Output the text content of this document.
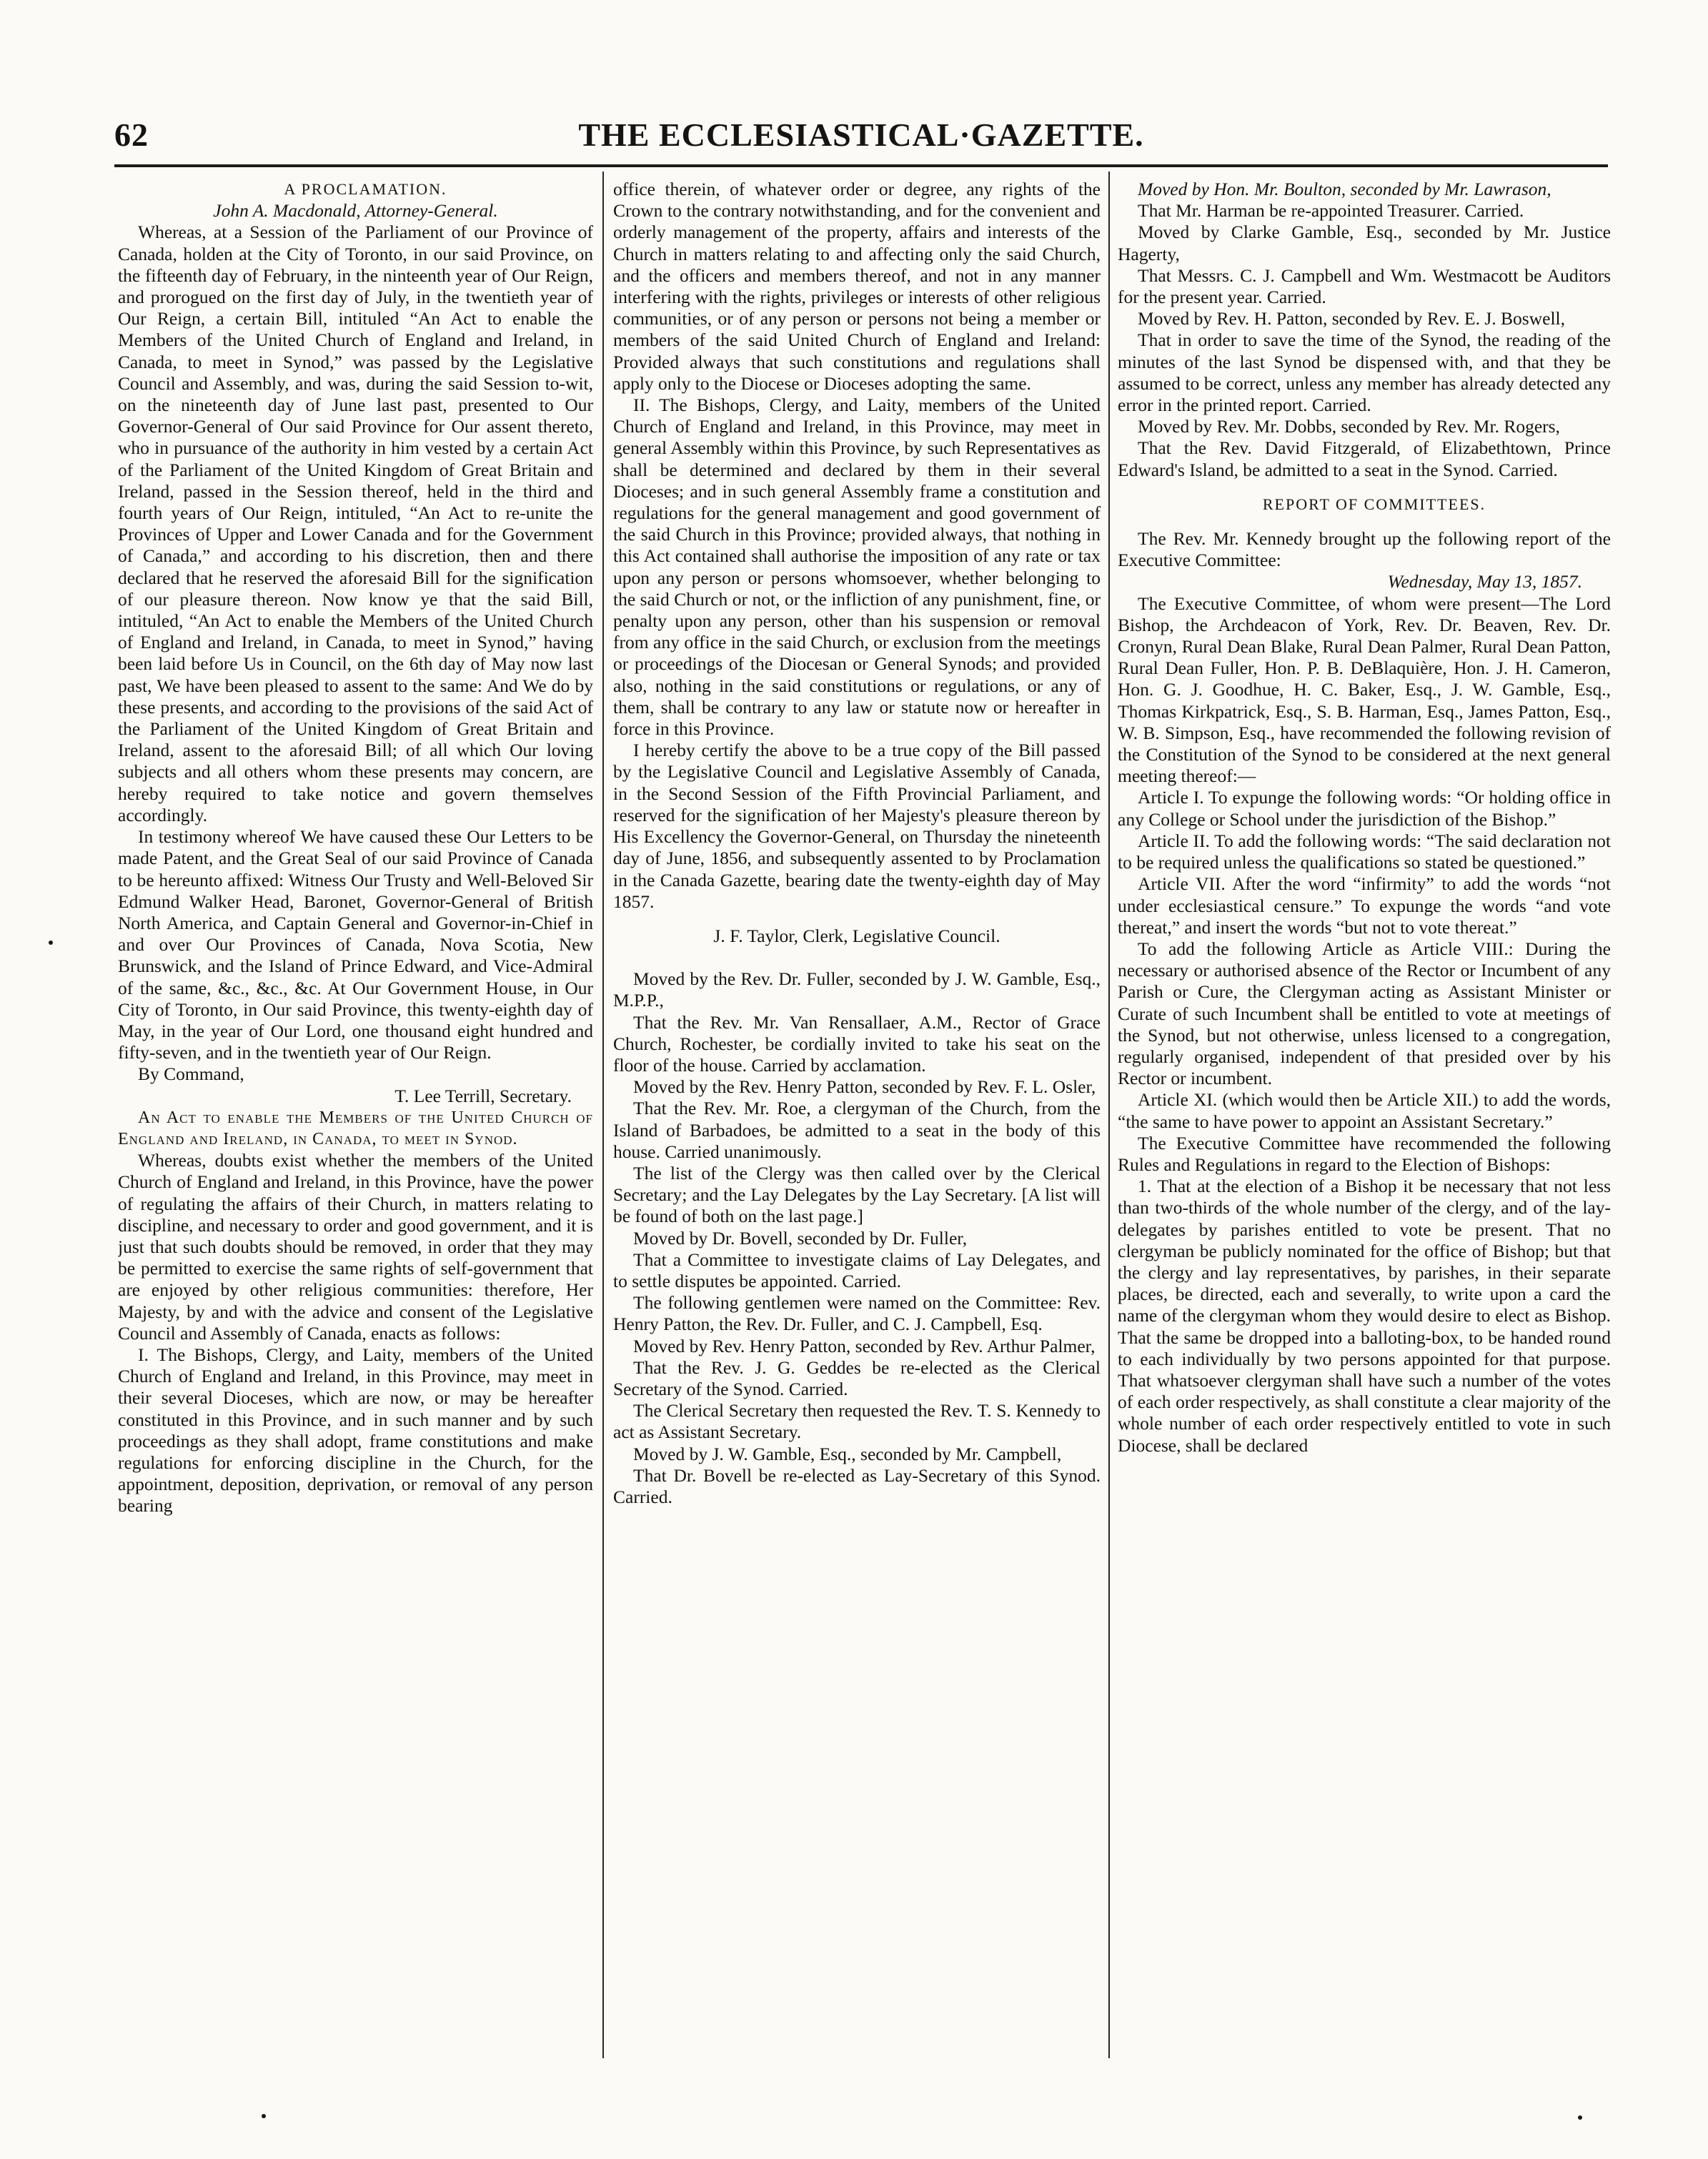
62	THE ECCLESIASTICAL·GAZETTE.

A PROCLAMATION.

John A. Macdonald, Attorney-General.

Whereas, at a Session of the Parliament of our Province of Canada, holden at the City of Toronto, in our said Province, on the fifteenth day of February, in the ninteenth year of Our Reign, and prorogued on the first day of July, in the twentieth year of Our Reign, a certain Bill, intituled “An Act to enable the Members of the United Church of England and Ireland, in Canada, to meet in Synod,” was passed by the Legislative Council and Assembly, and was, during the said Session to-wit, on the nineteenth day of June last past, presented to Our Governor-General of Our said Province for Our assent thereto, who in pursuance of the authority in him vested by a certain Act of the Parliament of the United Kingdom of Great Britain and Ireland, passed in the Session thereof, held in the third and fourth years of Our Reign, intituled, “An Act to re-unite the Provinces of Upper and Lower Canada and for the Government of Canada,” and according to his discretion, then and there declared that he reserved the aforesaid Bill for the signification of our pleasure thereon. Now know ye that the said Bill, intituled, “An Act to enable the Members of the United Church of England and Ireland, in Canada, to meet in Synod,” having been laid before Us in Council, on the 6th day of May now last past, We have been pleased to assent to the same: And We do by these presents, and according to the provisions of the said Act of the Parliament of the United Kingdom of Great Britain and Ireland, assent to the aforesaid Bill; of all which Our loving subjects and all others whom these presents may concern, are hereby required to take notice and govern themselves accordingly.

In testimony whereof We have caused these Our Letters to be made Patent, and the Great Seal of our said Province of Canada to be hereunto affixed: Witness Our Trusty and Well-Beloved Sir Edmund Walker Head, Baronet, Governor-General of British North America, and Captain General and Governor-in-Chief in and over Our Provinces of Canada, Nova Scotia, New Brunswick, and the Island of Prince Edward, and Vice-Admiral of the same, &c., &c., &c. At Our Government House, in Our City of Toronto, in Our said Province, this twenty-eighth day of May, in the year of Our Lord, one thousand eight hundred and fifty-seven, and in the twentieth year of Our Reign.

By Command,

T. Lee Terrill, Secretary.

An Act to enable the Members of the United Church of England and Ireland, in Canada, to meet in Synod.

Whereas, doubts exist whether the members of the United Church of England and Ireland, in this Province, have the power of regulating the affairs of their Church, in matters relating to discipline, and necessary to order and good government, and it is just that such doubts should be removed, in order that they may be permitted to exercise the same rights of self-government that are enjoyed by other religious communities: therefore, Her Majesty, by and with the advice and consent of the Legislative Council and Assembly of Canada, enacts as follows:

I. The Bishops, Clergy, and Laity, members of the United Church of England and Ireland, in this Province, may meet in their several Dioceses, which are now, or may be hereafter constituted in this Province, and in such manner and by such proceedings as they shall adopt, frame constitutions and make regulations for enforcing discipline in the Church, for the appointment, deposition, deprivation, or removal of any person bearing

office therein, of whatever order or degree, any rights of the Crown to the contrary notwithstanding, and for the convenient and orderly management of the property, affairs and interests of the Church in matters relating to and affecting only the said Church, and the officers and members thereof, and not in any manner interfering with the rights, privileges or interests of other religious communities, or of any person or persons not being a member or members of the said United Church of England and Ireland: Provided always that such constitutions and regulations shall apply only to the Diocese or Dioceses adopting the same.

II. The Bishops, Clergy, and Laity, members of the United Church of England and Ireland, in this Province, may meet in general Assembly within this Province, by such Representatives as shall be determined and declared by them in their several Dioceses; and in such general Assembly frame a constitution and regulations for the general management and good government of the said Church in this Province; provided always, that nothing in this Act contained shall authorise the imposition of any rate or tax upon any person or persons whomsoever, whether belonging to the said Church or not, or the infliction of any punishment, fine, or penalty upon any person, other than his suspension or removal from any office in the said Church, or exclusion from the meetings or proceedings of the Diocesan or General Synods; and provided also, nothing in the said constitutions or regulations, or any of them, shall be contrary to any law or statute now or hereafter in force in this Province.

I hereby certify the above to be a true copy of the Bill passed by the Legislative Council and Legislative Assembly of Canada, in the Second Session of the Fifth Provincial Parliament, and reserved for the signification of her Majesty's pleasure thereon by His Excellency the Governor-General, on Thursday the nineteenth day of June, 1856, and subsequently assented to by Proclamation in the Canada Gazette, bearing date the twenty-eighth day of May 1857.

J. F. Taylor, Clerk, Legislative Council.

Moved by the Rev. Dr. Fuller, seconded by J. W. Gamble, Esq., M.P.P.,

That the Rev. Mr. Van Rensallaer, A.M., Rector of Grace Church, Rochester, be cordially invited to take his seat on the floor of the house. Carried by acclamation.

Moved by the Rev. Henry Patton, seconded by Rev. F. L. Osler,

That the Rev. Mr. Roe, a clergyman of the Church, from the Island of Barbadoes, be admitted to a seat in the body of this house. Carried unanimously.

The list of the Clergy was then called over by the Clerical Secretary; and the Lay Delegates by the Lay Secretary. [A list will be found of both on the last page.]

Moved by Dr. Bovell, seconded by Dr. Fuller,

That a Committee to investigate claims of Lay Delegates, and to settle disputes be appointed. Carried.

The following gentlemen were named on the Committee: Rev. Henry Patton, the Rev. Dr. Fuller, and C. J. Campbell, Esq.

Moved by Rev. Henry Patton, seconded by Rev. Arthur Palmer,

That the Rev. J. G. Geddes be re-elected as the Clerical Secretary of the Synod. Carried.

The Clerical Secretary then requested the Rev. T. S. Kennedy to act as Assistant Secretary.

Moved by J. W. Gamble, Esq., seconded by Mr. Campbell,

That Dr. Bovell be re-elected as Lay-Secretary of this Synod. Carried.

Moved by Hon. Mr. Boulton, seconded by Mr. Lawrason,

That Mr. Harman be re-appointed Treasurer. Carried.

Moved by Clarke Gamble, Esq., seconded by Mr. Justice Hagerty,

That Messrs. C. J. Campbell and Wm. Westmacott be Auditors for the present year. Carried.

Moved by Rev. H. Patton, seconded by Rev. E. J. Boswell,

That in order to save the time of the Synod, the reading of the minutes of the last Synod be dispensed with, and that they be assumed to be correct, unless any member has already detected any error in the printed report. Carried.

Moved by Rev. Mr. Dobbs, seconded by Rev. Mr. Rogers,

That the Rev. David Fitzgerald, of Elizabethtown, Prince Edward's Island, be admitted to a seat in the Synod. Carried.

REPORT OF COMMITTEES.

The Rev. Mr. Kennedy brought up the following report of the Executive Committee:

Wednesday, May 13, 1857.

The Executive Committee, of whom were present—The Lord Bishop, the Archdeacon of York, Rev. Dr. Beaven, Rev. Dr. Cronyn, Rural Dean Blake, Rural Dean Palmer, Rural Dean Patton, Rural Dean Fuller, Hon. P. B. DeBlaquière, Hon. J. H. Cameron, Hon. G. J. Goodhue, H. C. Baker, Esq., J. W. Gamble, Esq., Thomas Kirkpatrick, Esq., S. B. Harman, Esq., James Patton, Esq., W. B. Simpson, Esq., have recommended the following revision of the Constitution of the Synod to be considered at the next general meeting thereof:—

Article I. To expunge the following words: “Or holding office in any College or School under the jurisdiction of the Bishop.”

Article II. To add the following words: “The said declaration not to be required unless the qualifications so stated be questioned.”

Article VII. After the word “infirmity” to add the words “not under ecclesiastical censure.” To expunge the words “and vote thereat,” and insert the words “but not to vote thereat.”

To add the following Article as Article VIII.: During the necessary or authorised absence of the Rector or Incumbent of any Parish or Cure, the Clergyman acting as Assistant Minister or Curate of such Incumbent shall be entitled to vote at meetings of the Synod, but not otherwise, unless licensed to a congregation, regularly organised, independent of that presided over by his Rector or incumbent.

Article XI. (which would then be Article XII.) to add the words, “the same to have power to appoint an Assistant Secretary.”

The Executive Committee have recommended the following Rules and Regulations in regard to the Election of Bishops:

1. That at the election of a Bishop it be necessary that not less than two-thirds of the whole number of the clergy, and of the lay-delegates by parishes entitled to vote be present. That no clergyman be publicly nominated for the office of Bishop; but that the clergy and lay representatives, by parishes, in their separate places, be directed, each and severally, to write upon a card the name of the clergyman whom they would desire to elect as Bishop. That the same be dropped into a balloting-box, to be handed round to each individually by two persons appointed for that purpose. That whatsoever clergyman shall have such a number of the votes of each order respectively, as shall constitute a clear majority of the whole number of each order respectively entitled to vote in such Diocese, shall be declared
